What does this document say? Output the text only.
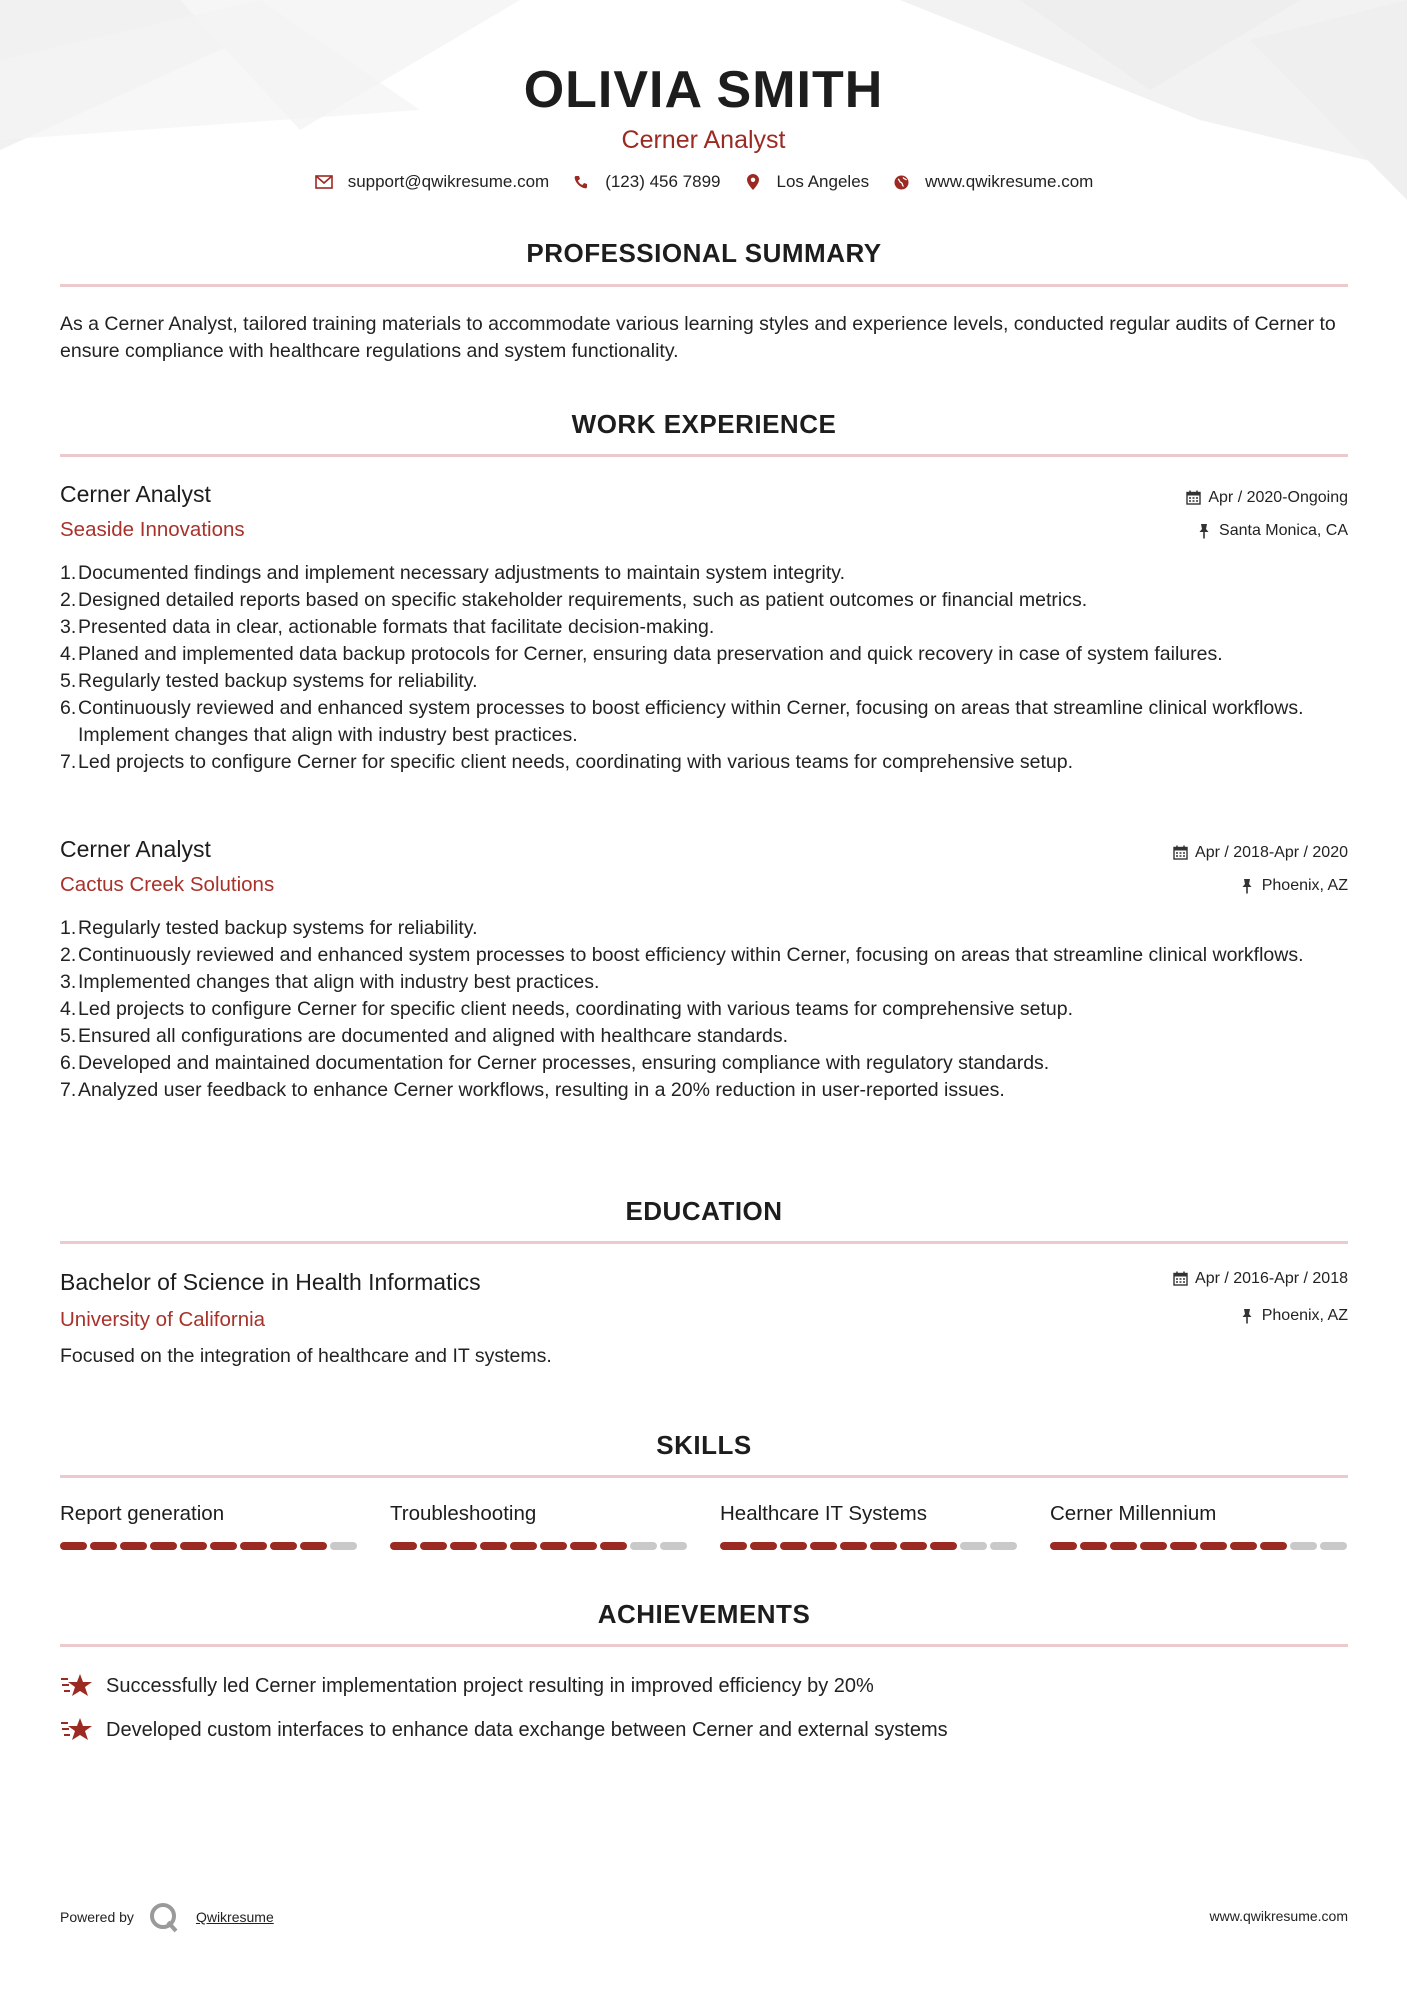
OLIVIA SMITH
Cerner Analyst
support@qwikresume.com	(123) 456 7899	Los Angeles	www.qwikresume.com
PROFESSIONAL SUMMARY
As a Cerner Analyst, tailored training materials to accommodate various learning styles and experience levels, conducted regular audits of Cerner to ensure compliance with healthcare regulations and system functionality.
WORK EXPERIENCE
Cerner Analyst	Apr / 2020-Ongoing
Seaside Innovations	Santa Monica, CA
1. Documented findings and implement necessary adjustments to maintain system integrity.
2. Designed detailed reports based on specific stakeholder requirements, such as patient outcomes or financial metrics.
3. Presented data in clear, actionable formats that facilitate decision-making.
4. Planed and implemented data backup protocols for Cerner, ensuring data preservation and quick recovery in case of system failures.
5. Regularly tested backup systems for reliability.
6. Continuously reviewed and enhanced system processes to boost efficiency within Cerner, focusing on areas that streamline clinical workflows. Implement changes that align with industry best practices.
7. Led projects to configure Cerner for specific client needs, coordinating with various teams for comprehensive setup.
Cerner Analyst	Apr / 2018-Apr / 2020
Cactus Creek Solutions	Phoenix, AZ
1. Regularly tested backup systems for reliability.
2. Continuously reviewed and enhanced system processes to boost efficiency within Cerner, focusing on areas that streamline clinical workflows.
3. Implemented changes that align with industry best practices.
4. Led projects to configure Cerner for specific client needs, coordinating with various teams for comprehensive setup.
5. Ensured all configurations are documented and aligned with healthcare standards.
6. Developed and maintained documentation for Cerner processes, ensuring compliance with regulatory standards.
7. Analyzed user feedback to enhance Cerner workflows, resulting in a 20% reduction in user-reported issues.
EDUCATION
Bachelor of Science in Health Informatics	Apr / 2016-Apr / 2018
University of California	Phoenix, AZ
Focused on the integration of healthcare and IT systems.
SKILLS
Report generation	Troubleshooting	Healthcare IT Systems	Cerner Millennium
ACHIEVEMENTS
Successfully led Cerner implementation project resulting in improved efficiency by 20%
Developed custom interfaces to enhance data exchange between Cerner and external systems
Powered by	Qwikresume	www.qwikresume.com
